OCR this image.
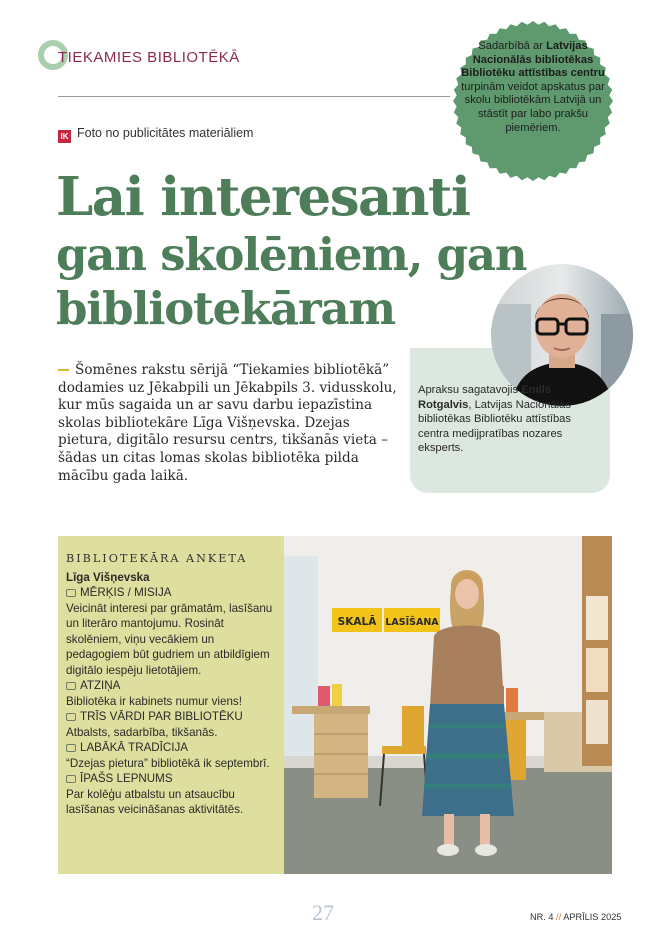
TIEKAMIES BIBLIOTĒKĀ
Sadarbībā ar Latvijas Nacionālās bibliotēkas Bibliotēku attīstības centru turpinām veidot apskatus par skolu bibliotēkām Latvijā un stāstīt par labo prakšu piemēriem.
IK Foto no publicitātes materiāliem
Lai interesanti
gan skolēniem, gan
bibliotekāram
Šomēnes rakstu sērijā “Tiekamies bibliotēkā” dodamies uz Jēkabpili un Jēkabpils 3. vidusskolu, kur mūs sagaida un ar savu darbu iepazīstina skolas bibliotekāre Līga Višņevska. Dzejas pietura, digitālo resursu centrs, tikšanās vieta – šādas un citas lomas skolas bibliotēka pilda mācību gada laikā.
Apraksu sagatavojis Emīls Rotgalvis, Latvijas Nacionālās bibliotēkas Bibliotēku attīstības centra medijpratības nozares eksperts.
BIBLIOTEKĀRA ANKETA
Līga Višņevska
MĒRĶIS / MISIJA
Veicināt interesi par grāmatām, lasīšanu un literāro mantojumu. Rosināt skolēniem, viņu vecākiem un pedagogiem būt gudriem un atbildīgiem digitālo iespēju lietotājiem.
ATZIŅA
Bibliotēka ir kabinets numur viens!
TRĪS VĀRDI PAR BIBLIOTĒKU
Atbalsts, sadarbība, tikšanās.
LABĀKĀ TRADĪCIJA
“Dzejas pietura” bibliotēkā ik septembrī.
ĪPAŠS LEPNUMS
Par kolēģu atbalstu un atsaucību lasīšanas veicināšanas aktivitātēs.
SKALĀ LASĪŠANA
27	NR. 4 // APRĪLIS 2025
